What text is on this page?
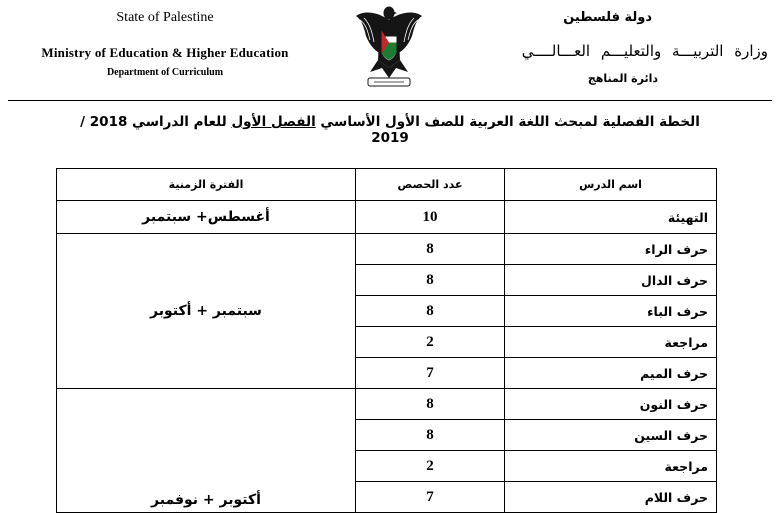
State of Palestine
Ministry of Education & Higher Education
Department of Curriculum
دولة فلسطين
وزارة التربيـــة والتعليـــم العـــالــــي
دائرة المناهج
الخطة الفصلية لمبحث اللغة العربية للصف الأول الأساسي الفصل الأول للعام الدراسي 2018 / 2019
اسم الدرس	عدد الحصص	الفترة الزمنية
التهيئة	10	أغسطس+ سبتمبر
حرف الراء	8	سبتمبر + أكتوبر
حرف الدال	8	
حرف الباء	8	
مراجعة	2	
حرف الميم	7	
حرف النون	8	أكتوبر + نوفمبر
حرف السين	8	
مراجعة	2	
حرف اللام	7	
